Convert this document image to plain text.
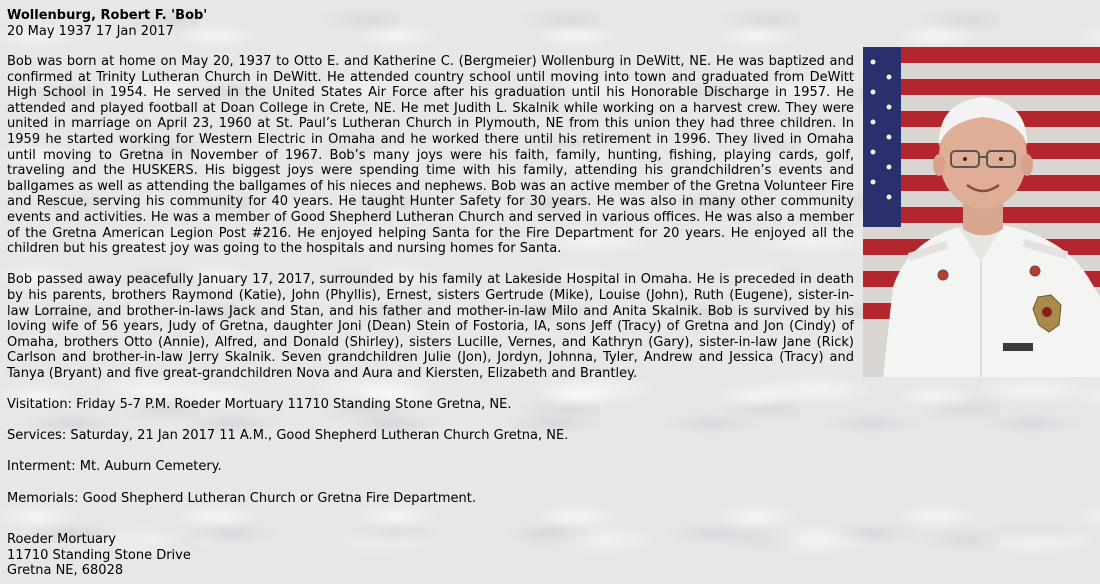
Wollenburg, Robert F. 'Bob'
20 May 1937 17 Jan 2017

Bob was born at home on May 20, 1937 to Otto E. and Katherine C. (Bergmeier) Wollenburg in DeWitt, NE. He was baptized and confirmed at Trinity Lutheran Church in DeWitt. He attended country school until moving into town and graduated from DeWitt High School in 1954. He served in the United States Air Force after his graduation until his Honorable Discharge in 1957. He attended and played football at Doan College in Crete, NE. He met Judith L. Skalnik while working on a harvest crew. They were united in marriage on April 23, 1960 at St. Paul’s Lutheran Church in Plymouth, NE from this union they had three children. In 1959 he started working for Western Electric in Omaha and he worked there until his retirement in 1996. They lived in Omaha until moving to Gretna in November of 1967. Bob’s many joys were his faith, family, hunting, fishing, playing cards, golf, traveling and the HUSKERS. His biggest joys were spending time with his family, attending his grandchildren’s events and ballgames as well as attending the ballgames of his nieces and nephews. Bob was an active member of the Gretna Volunteer Fire and Rescue, serving his community for 40 years. He taught Hunter Safety for 30 years. He was also in many other community events and activities. He was a member of Good Shepherd Lutheran Church and served in various offices. He was also a member of the Gretna American Legion Post #216. He enjoyed helping Santa for the Fire Department for 20 years. He enjoyed all the children but his greatest joy was going to the hospitals and nursing homes for Santa.

Bob passed away peacefully January 17, 2017, surrounded by his family at Lakeside Hospital in Omaha. He is preceded in death by his parents, brothers Raymond (Katie), John (Phyllis), Ernest, sisters Gertrude (Mike), Louise (John), Ruth (Eugene), sister-in-law Lorraine, and brother-in-laws Jack and Stan, and his father and mother-in-law Milo and Anita Skalnik. Bob is survived by his loving wife of 56 years, Judy of Gretna, daughter Joni (Dean) Stein of Fostoria, IA, sons Jeff (Tracy) of Gretna and Jon (Cindy) of Omaha, brothers Otto (Annie), Alfred, and Donald (Shirley), sisters Lucille, Vernes, and Kathryn (Gary), sister-in-law Jane (Rick) Carlson and brother-in-law Jerry Skalnik. Seven grandchildren Julie (Jon), Jordyn, Johnna, Tyler, Andrew and Jessica (Tracy) and Tanya (Bryant) and five great-grandchildren Nova and Aura and Kiersten, Elizabeth and Brantley.

Visitation: Friday 5-7 P.M. Roeder Mortuary 11710 Standing Stone Gretna, NE.

Services: Saturday, 21 Jan 2017 11 A.M., Good Shepherd Lutheran Church Gretna, NE.

Interment: Mt. Auburn Cemetery.

Memorials: Good Shepherd Lutheran Church or Gretna Fire Department.

Roeder Mortuary
11710 Standing Stone Drive
Gretna NE, 68028
